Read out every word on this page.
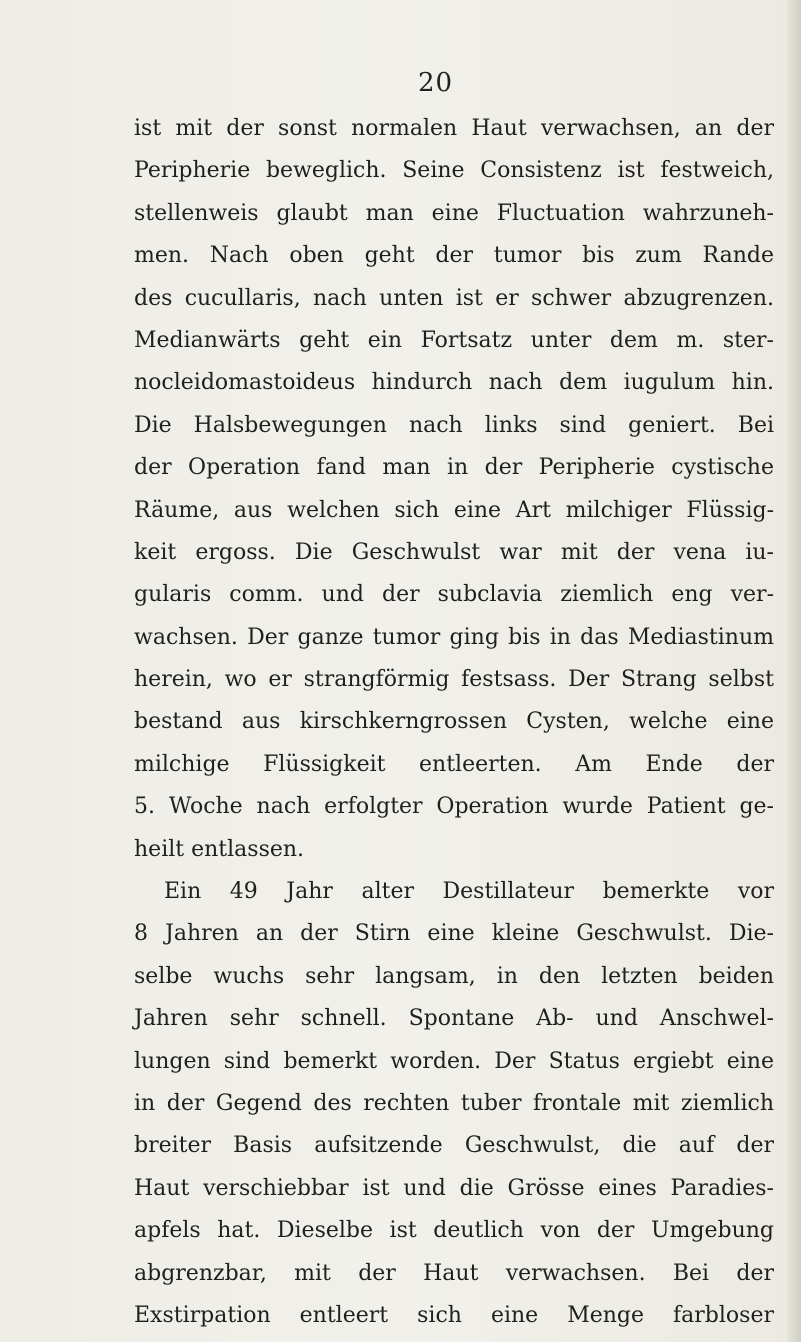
20
ist mit der sonst normalen Haut verwachsen, an der
Peripherie beweglich. Seine Consistenz ist festweich,
stellenweis glaubt man eine Fluctuation wahrzuneh-
men. Nach oben geht der tumor bis zum Rande
des cucullaris, nach unten ist er schwer abzugrenzen.
Medianwärts geht ein Fortsatz unter dem m. ster-
nocleidomastoideus hindurch nach dem iugulum hin.
Die Halsbewegungen nach links sind geniert. Bei
der Operation fand man in der Peripherie cystische
Räume, aus welchen sich eine Art milchiger Flüssig-
keit ergoss. Die Geschwulst war mit der vena iu-
gularis comm. und der subclavia ziemlich eng ver-
wachsen. Der ganze tumor ging bis in das Mediastinum
herein, wo er strangförmig festsass. Der Strang selbst
bestand aus kirschkerngrossen Cysten, welche eine
milchige Flüssigkeit entleerten. Am Ende der
5. Woche nach erfolgter Operation wurde Patient ge-
heilt entlassen.
Ein 49 Jahr alter Destillateur bemerkte vor
8 Jahren an der Stirn eine kleine Geschwulst. Die-
selbe wuchs sehr langsam, in den letzten beiden
Jahren sehr schnell. Spontane Ab- und Anschwel-
lungen sind bemerkt worden. Der Status ergiebt eine
in der Gegend des rechten tuber frontale mit ziemlich
breiter Basis aufsitzende Geschwulst, die auf der
Haut verschiebbar ist und die Grösse eines Paradies-
apfels hat. Dieselbe ist deutlich von der Umgebung
abgrenzbar, mit der Haut verwachsen. Bei der
Exstirpation entleert sich eine Menge farbloser
